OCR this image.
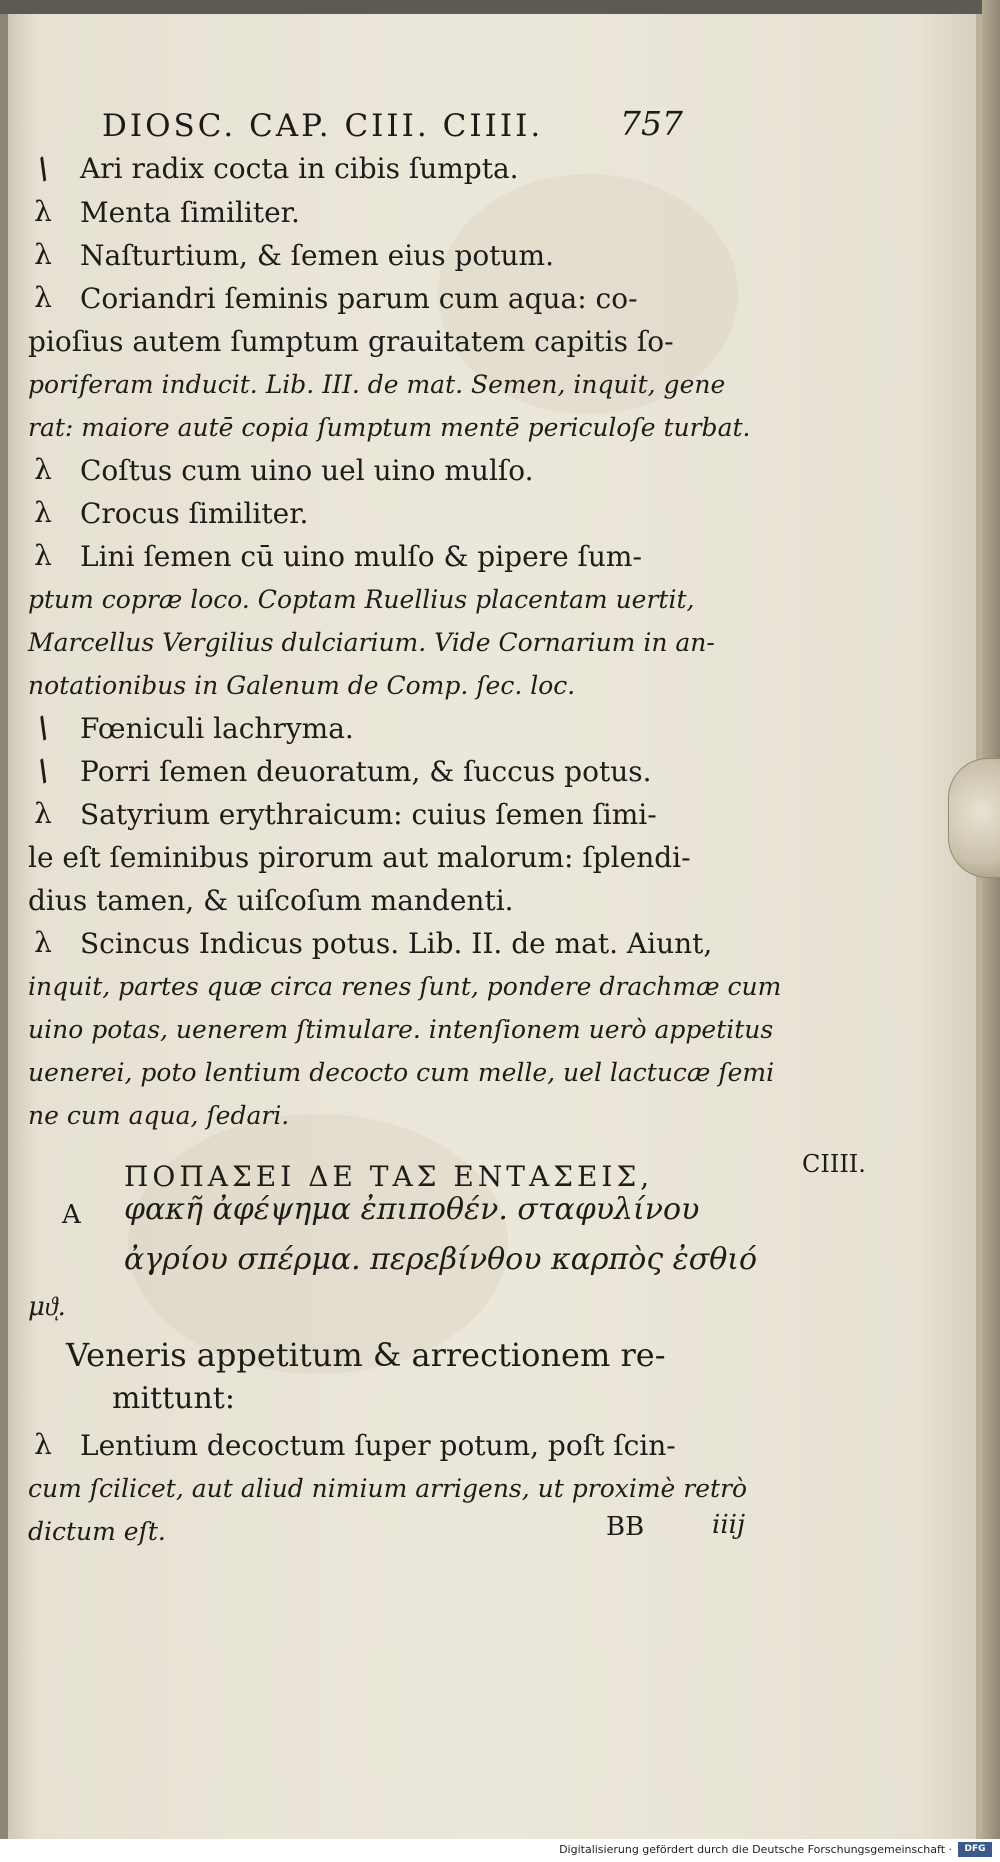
DIOSC. CAP. CIII. CIIII. 757
/ Ari radix cocta in cibis ſumpta.
λ	Menta ſimiliter.
λ	Naſturtium, & ſemen eius potum.
λ	Coriandri ſeminis parum cum aqua: co-
pioſius autem ſumptum grauitatem capitis ſo-
poriferam inducit. Lib. III. de mat. Semen, inquit, gene
rat: maiore autē copia ſumptum mentē periculoſe turbat.
λ	Coſtus cum uino uel uino mulſo.
λ	Crocus ſimiliter.
λ	Lini ſemen cū uino mulſo & pipere ſum-
ptum copræ loco. Coptam Ruellius placentam uertit,
Marcellus Vergilius dulciarium. Vide Cornarium in an-
notationibus in Galenum de Comp. ſec. loc.
/ Fœniculi lachryma.
/ Porri ſemen deuoratum, & ſuccus potus.
λ	Satyrium erythraicum: cuius ſemen ſimi-
le eſt ſeminibus pirorum aut malorum: ſplendi-
dius tamen, & uiſcoſum mandenti.
λ	Scincus Indicus potus. Lib. II. de mat. Aiunt,
inquit, partes quæ circa renes ſunt, pondere drachmæ cum
uino potas, uenerem ſtimulare. intenſionem uerò appetitus
uenerei, poto lentium decocto cum melle, uel lactucæ ſemi
ne cum aqua, ſedari.
ΠΟΠΑΣΕΙ ΔΕ ΤΑΣ ΕΝΤΑΣΕΙΣ,	CIIII.
A φακῆ ἀφέψημα ἐπιποθέν. σταφυλίνου
ἀγρίου σπέρμα. περεβίνθου καρπὸς ἐσθιό
μϑͅ.
Veneris appetitum & arrectionem re-
mittunt:
λ	Lentium decoctum ſuper potum, poſt ſcin-
cum ſcilicet, aut aliud nimium arrigens, ut proximè retrò
dictum eſt.	BB	iiij
Digitalisierung gefördert durch die Deutsche Forschungsgemeinschaft ·	DFG
